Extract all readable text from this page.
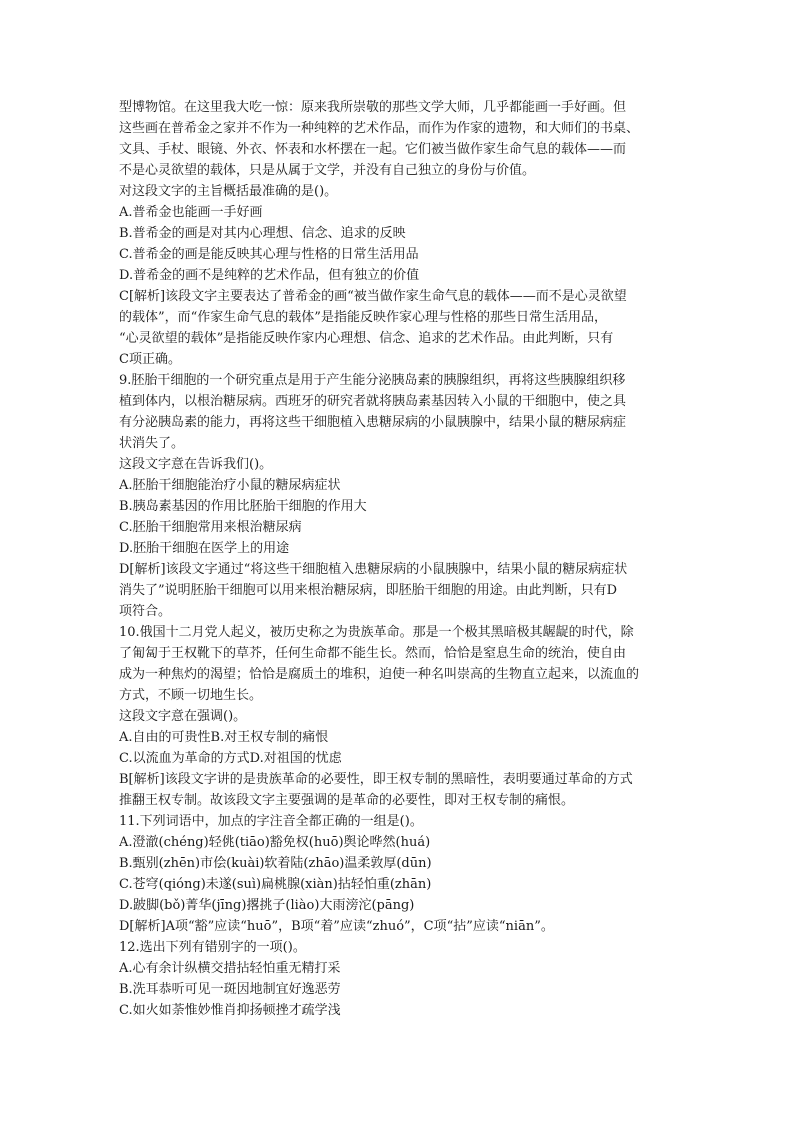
型博物馆。在这里我大吃一惊：原来我所崇敬的那些文学大师，几乎都能画一手好画。但
这些画在普希金之家并不作为一种纯粹的艺术作品，而作为作家的遗物，和大师们的书桌、
文具、手杖、眼镜、外衣、怀表和水杯摆在一起。它们被当做作家生命气息的载体——而
不是心灵欲望的载体，只是从属于文学，并没有自己独立的身份与价值。
对这段文字的主旨概括最准确的是()。
A.普希金也能画一手好画
B.普希金的画是对其内心理想、信念、追求的反映
C.普希金的画是能反映其心理与性格的日常生活用品
D.普希金的画不是纯粹的艺术作品，但有独立的价值
C[解析]该段文字主要表达了普希金的画“被当做作家生命气息的载体——而不是心灵欲望
的载体”，而“作家生命气息的载体”是指能反映作家心理与性格的那些日常生活用品，
“心灵欲望的载体”是指能反映作家内心理想、信念、追求的艺术作品。由此判断，只有
C项正确。
9.胚胎干细胞的一个研究重点是用于产生能分泌胰岛素的胰腺组织，再将这些胰腺组织移
植到体内，以根治糖尿病。西班牙的研究者就将胰岛素基因转入小鼠的干细胞中，使之具
有分泌胰岛素的能力，再将这些干细胞植入患糖尿病的小鼠胰腺中，结果小鼠的糖尿病症
状消失了。
这段文字意在告诉我们()。
A.胚胎干细胞能治疗小鼠的糖尿病症状
B.胰岛素基因的作用比胚胎干细胞的作用大
C.胚胎干细胞常用来根治糖尿病
D.胚胎干细胞在医学上的用途
D[解析]该段文字通过“将这些干细胞植入患糖尿病的小鼠胰腺中，结果小鼠的糖尿病症状
消失了”说明胚胎干细胞可以用来根治糖尿病，即胚胎干细胞的用途。由此判断，只有D
项符合。
10.俄国十二月党人起义，被历史称之为贵族革命。那是一个极其黑暗极其龌龊的时代，除
了匍匐于王权靴下的草芥，任何生命都不能生长。然而，恰恰是窒息生命的统治，使自由
成为一种焦灼的渴望；恰恰是腐质土的堆积，迫使一种名叫崇高的生物直立起来，以流血的
方式，不顾一切地生长。
这段文字意在强调()。
A.自由的可贵性B.对王权专制的痛恨
C.以流血为革命的方式D.对祖国的忧虑
B[解析]该段文字讲的是贵族革命的必要性，即王权专制的黑暗性，表明要通过革命的方式
推翻王权专制。故该段文字主要强调的是革命的必要性，即对王权专制的痛恨。
11.下列词语中，加点的字注音全都正确的一组是()。
A.澄澈(chéng)轻佻(tiāo)豁免权(huō)舆论哗然(huá)
B.甄别(zhēn)市侩(kuài)软着陆(zhāo)温柔敦厚(dūn)
C.苍穹(qióng)未遂(suì)扁桃腺(xiàn)拈轻怕重(zhān)
D.跛脚(bǒ)菁华(jīng)撂挑子(liào)大雨滂沱(pāng)
D[解析]A项“豁”应读“huō”，B项“着”应读“zhuó”，C项“拈”应读“niān”。
12.选出下列有错别字的一项()。
A.心有余计纵横交措拈轻怕重无精打采
B.洗耳恭听可见一斑因地制宜好逸恶劳
C.如火如荼惟妙惟肖抑扬顿挫才疏学浅
